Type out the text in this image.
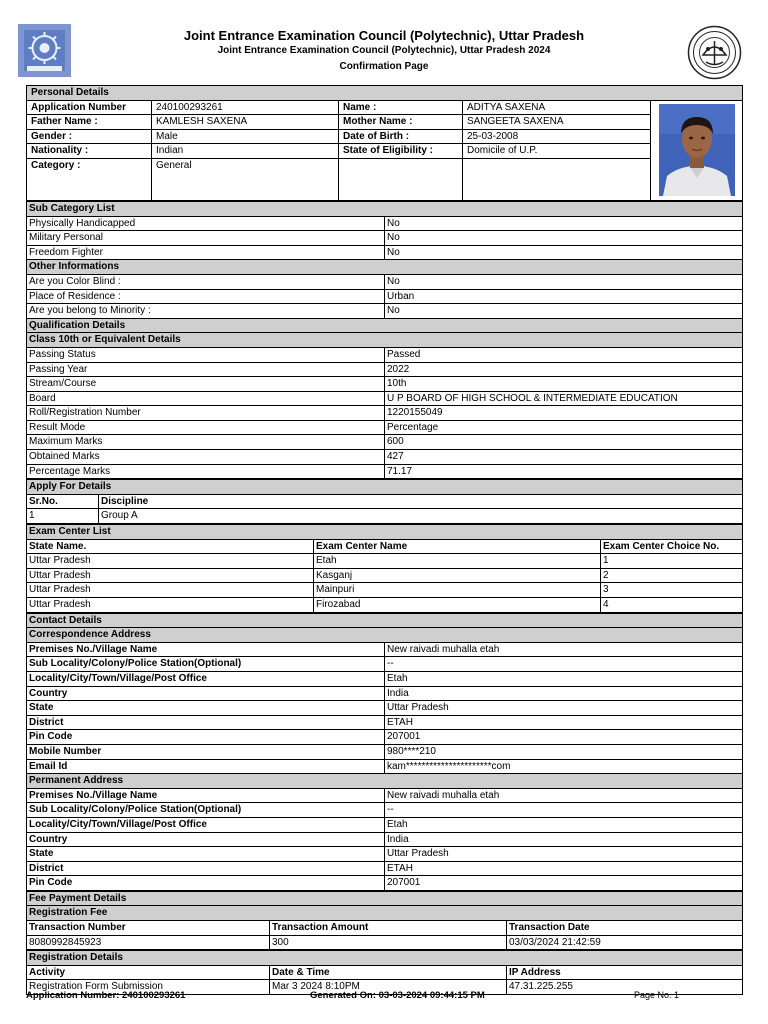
Joint Entrance Examination Council (Polytechnic), Uttar Pradesh
Joint Entrance Examination Council (Polytechnic), Uttar Pradesh 2024
Confirmation Page
Personal Details				
Application Number	240100293261	Name :	ADITYA SAXENA	
Father Name :	KAMLESH SAXENA	Mother Name :	SANGEETA SAXENA	
Gender :	Male	Date of Birth :	25-03-2008	
Nationality :	Indian	State of Eligibility :	Domicile of U.P.	
Category :	General			
Sub Category List	
Physically Handicapped	No
Military Personal	No
Freedom Fighter	No
Other Informations	
Are you Color Blind :	No
Place of Residence :	Urban
Are you belong to Minority :	No
Qualification Details	
Class 10th or Equivalent Details	
Passing Status	Passed
Passing Year	2022
Stream/Course	10th
Board	U P BOARD OF HIGH SCHOOL & INTERMEDIATE EDUCATION
Roll/Registration Number	1220155049
Result Mode	Percentage
Maximum Marks	600
Obtained Marks	427
Percentage Marks	71.17
Apply For Details	
Sr.No.	Discipline
1	Group A
Exam Center List		
State Name.	Exam Center Name	Exam Center Choice No.
Uttar Pradesh	Etah	1
Uttar Pradesh	Kasganj	2
Uttar Pradesh	Mainpuri	3
Uttar Pradesh	Firozabad	4
Contact Details	
Correspondence Address	
Premises No./Village Name	New raivadi muhalla etah
Sub Locality/Colony/Police Station(Optional)	--
Locality/City/Town/Village/Post Office	Etah
Country	India
State	Uttar Pradesh
District	ETAH
Pin Code	207001
Mobile Number	980****210
Email Id	kam**********************com
Permanent Address	
Premises No./Village Name	New raivadi muhalla etah
Sub Locality/Colony/Police Station(Optional)	--
Locality/City/Town/Village/Post Office	Etah
Country	India
State	Uttar Pradesh
District	ETAH
Pin Code	207001
Fee Payment Details		
Registration Fee		
Transaction Number	Transaction Amount	Transaction Date
8080992845923	300	03/03/2024 21:42:59
Registration Details		
Activity	Date & Time	IP Address
Registration Form Submission	Mar 3 2024 8:10PM	47.31.225.255
Application Number: 240100293261	Generated On: 03-03-2024 09:44:15 PM	Page No. 1
